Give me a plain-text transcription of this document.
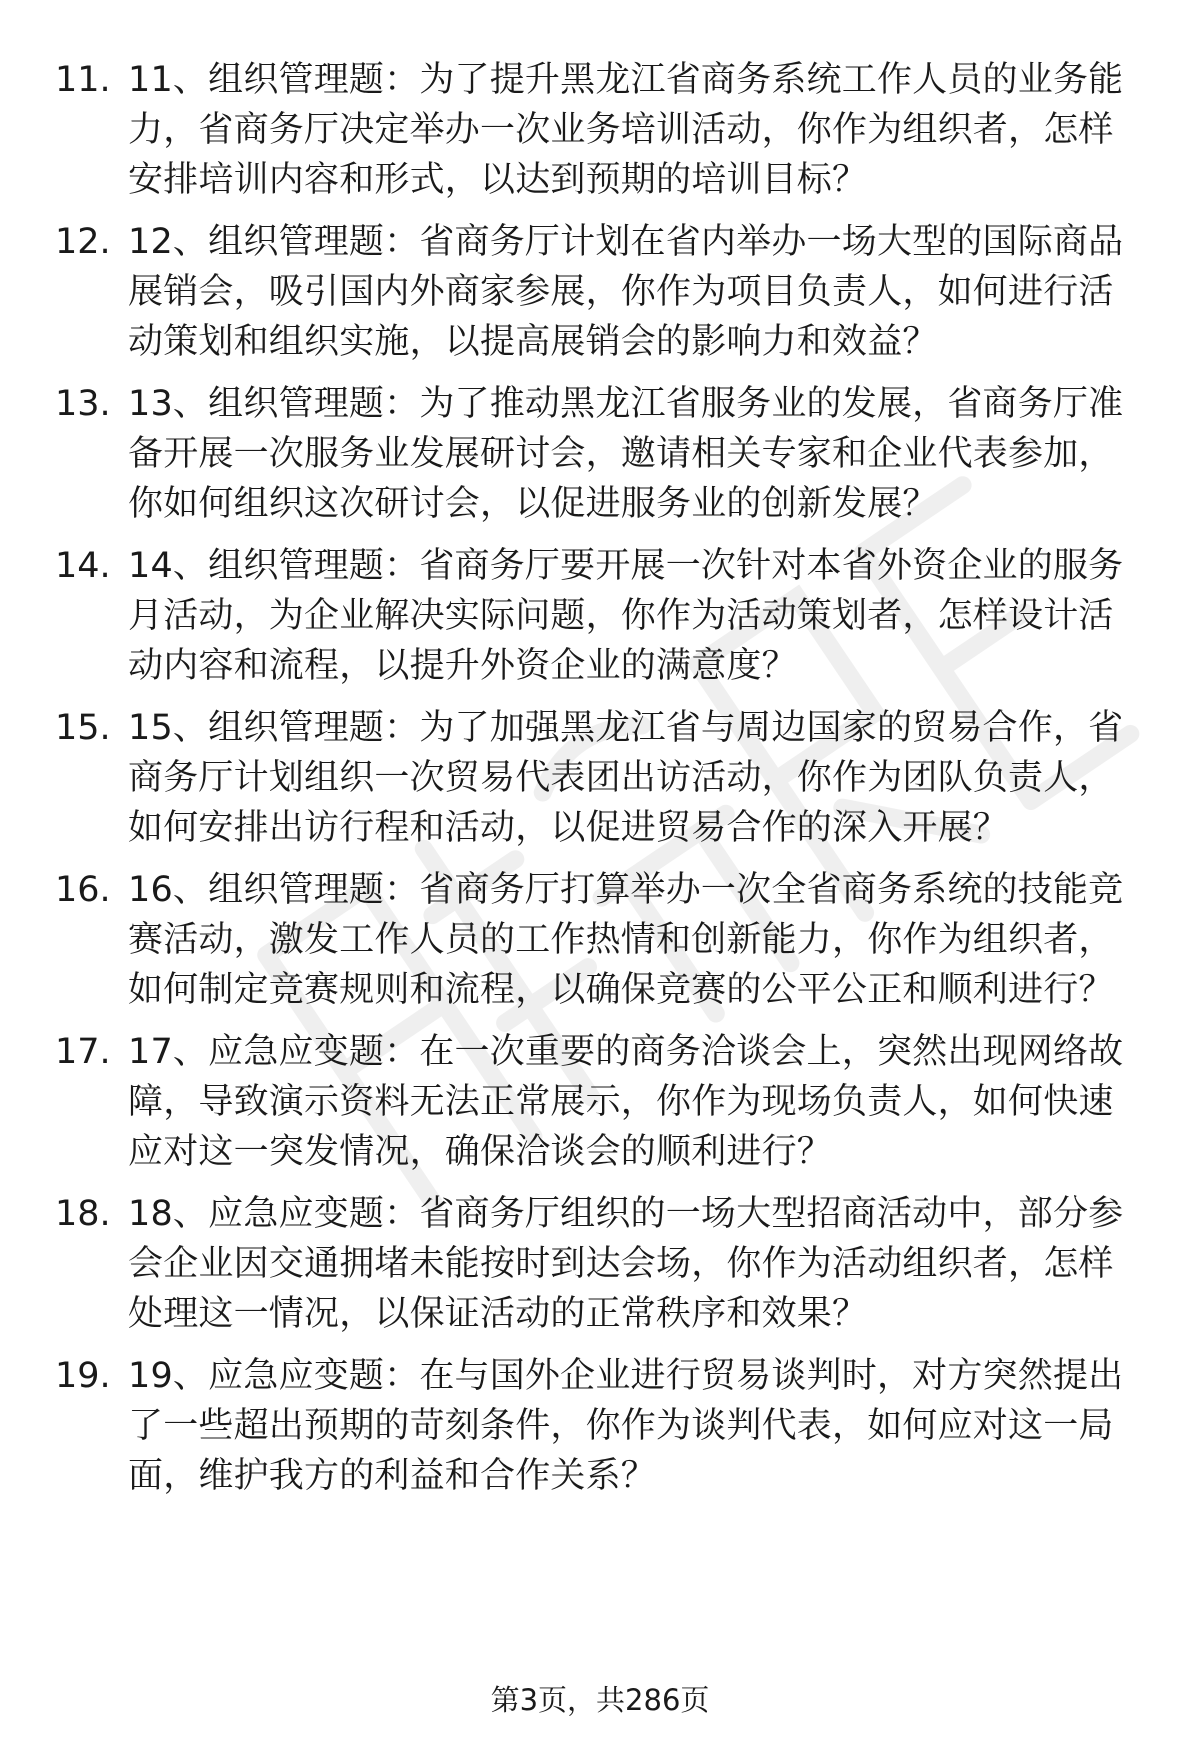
11. 11、组织管理题：为了提升黑龙江省商务系统工作人员的业务能
力，省商务厅决定举办一次业务培训活动，你作为组织者，怎样
安排培训内容和形式，以达到预期的培训目标？
12. 12、组织管理题：省商务厅计划在省内举办一场大型的国际商品
展销会，吸引国内外商家参展，你作为项目负责人，如何进行活
动策划和组织实施，以提高展销会的影响力和效益？
13. 13、组织管理题：为了推动黑龙江省服务业的发展，省商务厅准
备开展一次服务业发展研讨会，邀请相关专家和企业代表参加，
你如何组织这次研讨会，以促进服务业的创新发展？
14. 14、组织管理题：省商务厅要开展一次针对本省外资企业的服务
月活动，为企业解决实际问题，你作为活动策划者，怎样设计活
动内容和流程，以提升外资企业的满意度？
15. 15、组织管理题：为了加强黑龙江省与周边国家的贸易合作，省
商务厅计划组织一次贸易代表团出访活动，你作为团队负责人，
如何安排出访行程和活动，以促进贸易合作的深入开展？
16. 16、组织管理题：省商务厅打算举办一次全省商务系统的技能竞
赛活动，激发工作人员的工作热情和创新能力，你作为组织者，
如何制定竞赛规则和流程，以确保竞赛的公平公正和顺利进行？
17. 17、应急应变题：在一次重要的商务洽谈会上，突然出现网络故
障，导致演示资料无法正常展示，你作为现场负责人，如何快速
应对这一突发情况，确保洽谈会的顺利进行？
18. 18、应急应变题：省商务厅组织的一场大型招商活动中，部分参
会企业因交通拥堵未能按时到达会场，你作为活动组织者，怎样
处理这一情况，以保证活动的正常秩序和效果？
19. 19、应急应变题：在与国外企业进行贸易谈判时，对方突然提出
了一些超出预期的苛刻条件，你作为谈判代表，如何应对这一局
面，维护我方的利益和合作关系？
第3页，共286页
